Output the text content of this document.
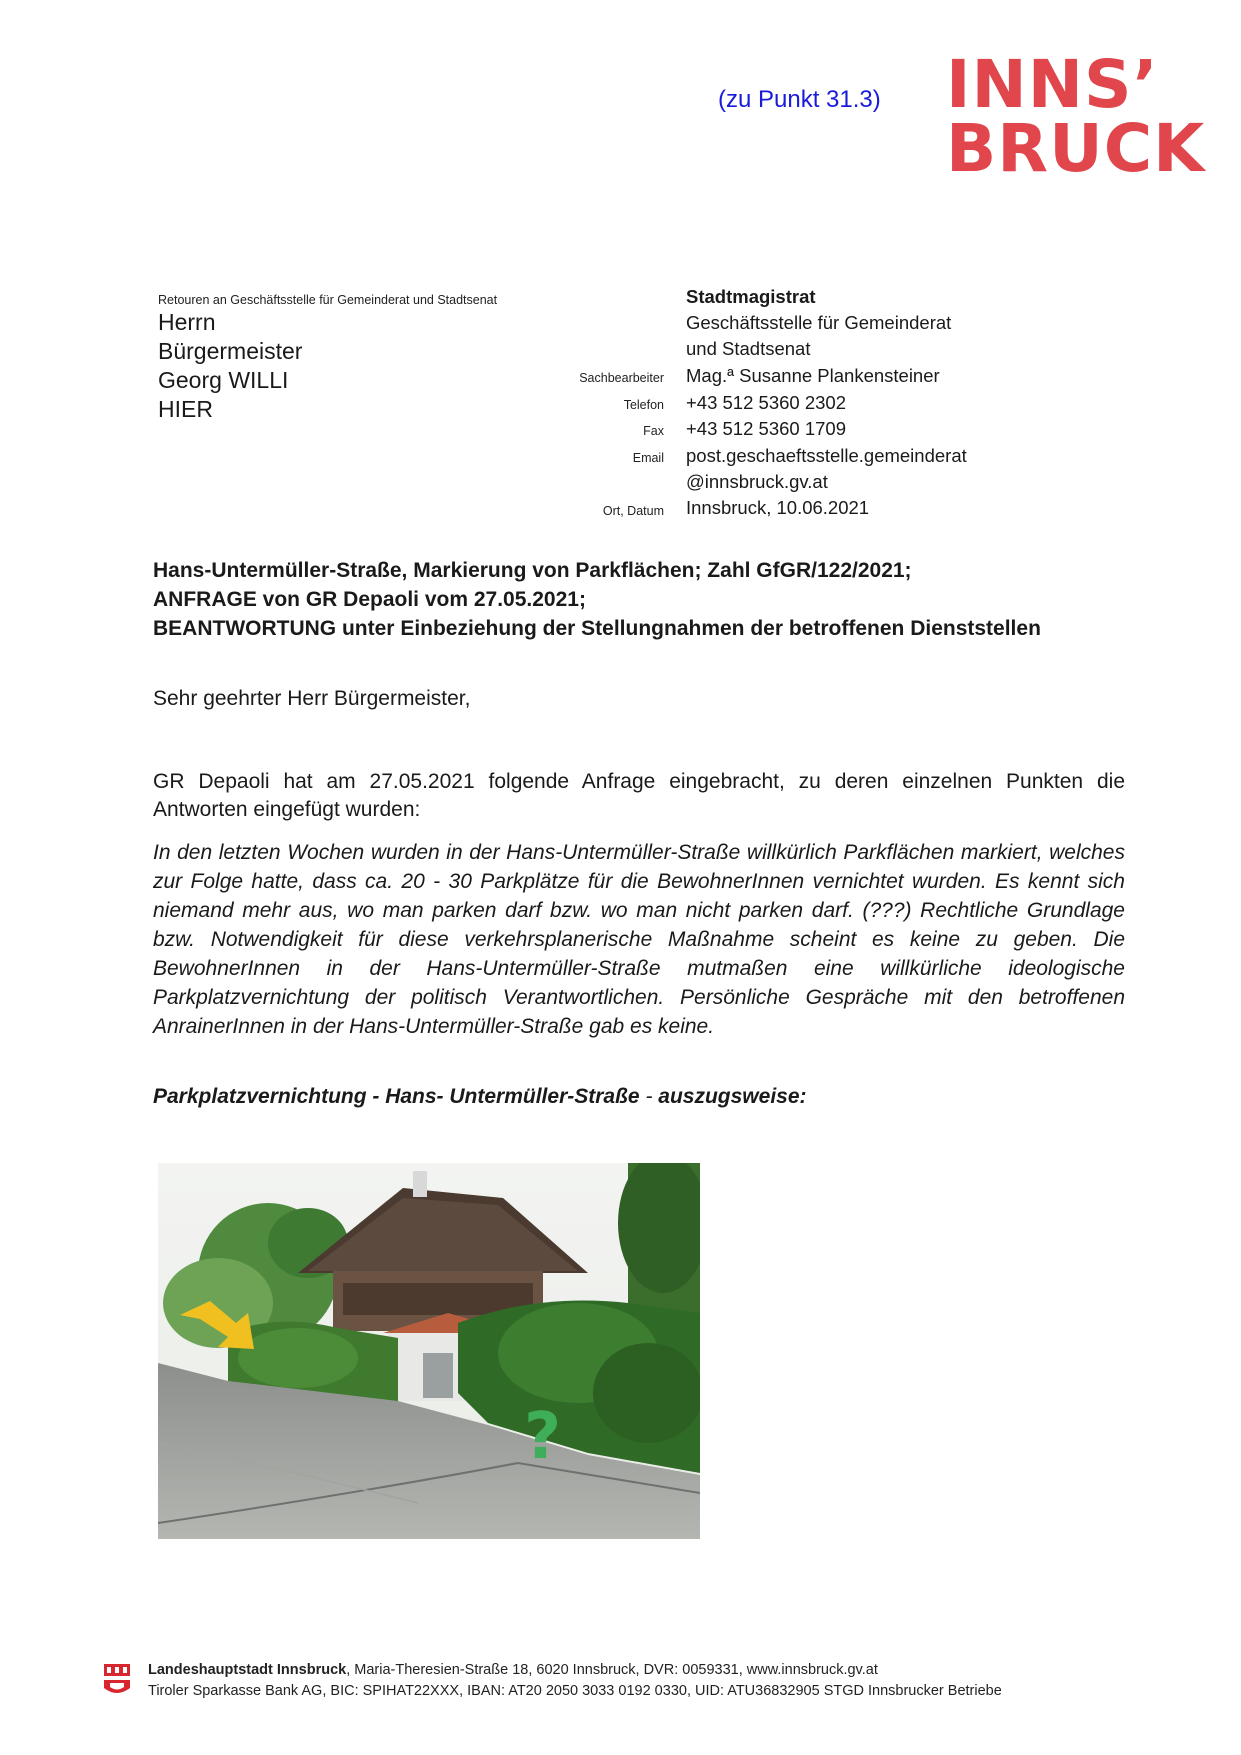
(zu Punkt 31.3) INNS’
BRUCK
Retouren an Geschäftsstelle für Gemeinderat und Stadtsenat
Herrn
Bürgermeister
Georg WILLI
HIER
Stadtmagistrat
Geschäftsstelle für Gemeinderat
und Stadtsenat
Sachbearbeiter Mag.ª Susanne Plankensteiner
Telefon +43 512 5360 2302
Fax +43 512 5360 1709
Email post.geschaeftsstelle.gemeinderat
@innsbruck.gv.at
Ort, Datum Innsbruck, 10.06.2021
Hans-Untermüller-Straße, Markierung von Parkflächen; Zahl GfGR/122/2021;
ANFRAGE von GR Depaoli vom 27.05.2021;
BEANTWORTUNG unter Einbeziehung der Stellungnahmen der betroffenen Dienststellen
Sehr geehrter Herr Bürgermeister,
GR Depaoli hat am 27.05.2021 folgende Anfrage eingebracht, zu deren einzelnen Punkten die Antworten eingefügt wurden:
In den letzten Wochen wurden in der Hans-Untermüller-Straße willkürlich Parkflächen markiert, welches zur Folge hatte, dass ca. 20 - 30 Parkplätze für die BewohnerInnen vernichtet wurden. Es kennt sich niemand mehr aus, wo man parken darf bzw. wo man nicht parken darf. (???) Rechtliche Grundlage bzw. Notwendigkeit für diese verkehrsplanerische Maßnahme scheint es keine zu geben. Die BewohnerInnen in der Hans-Untermüller-Straße mutmaßen eine willkürliche ideologische Parkplatzvernichtung der politisch Verantwortlichen. Persönliche Gespräche mit den betroffenen AnrainerInnen in der Hans-Untermüller-Straße gab es keine.
Parkplatzvernichtung - Hans- Untermüller-Straße - auszugsweise:
?
Landeshauptstadt Innsbruck, Maria-Theresien-Straße 18, 6020 Innsbruck, DVR: 0059331, www.innsbruck.gv.at
Tiroler Sparkasse Bank AG, BIC: SPIHAT22XXX, IBAN: AT20 2050 3033 0192 0330, UID: ATU36832905 STGD Innsbrucker Betriebe
